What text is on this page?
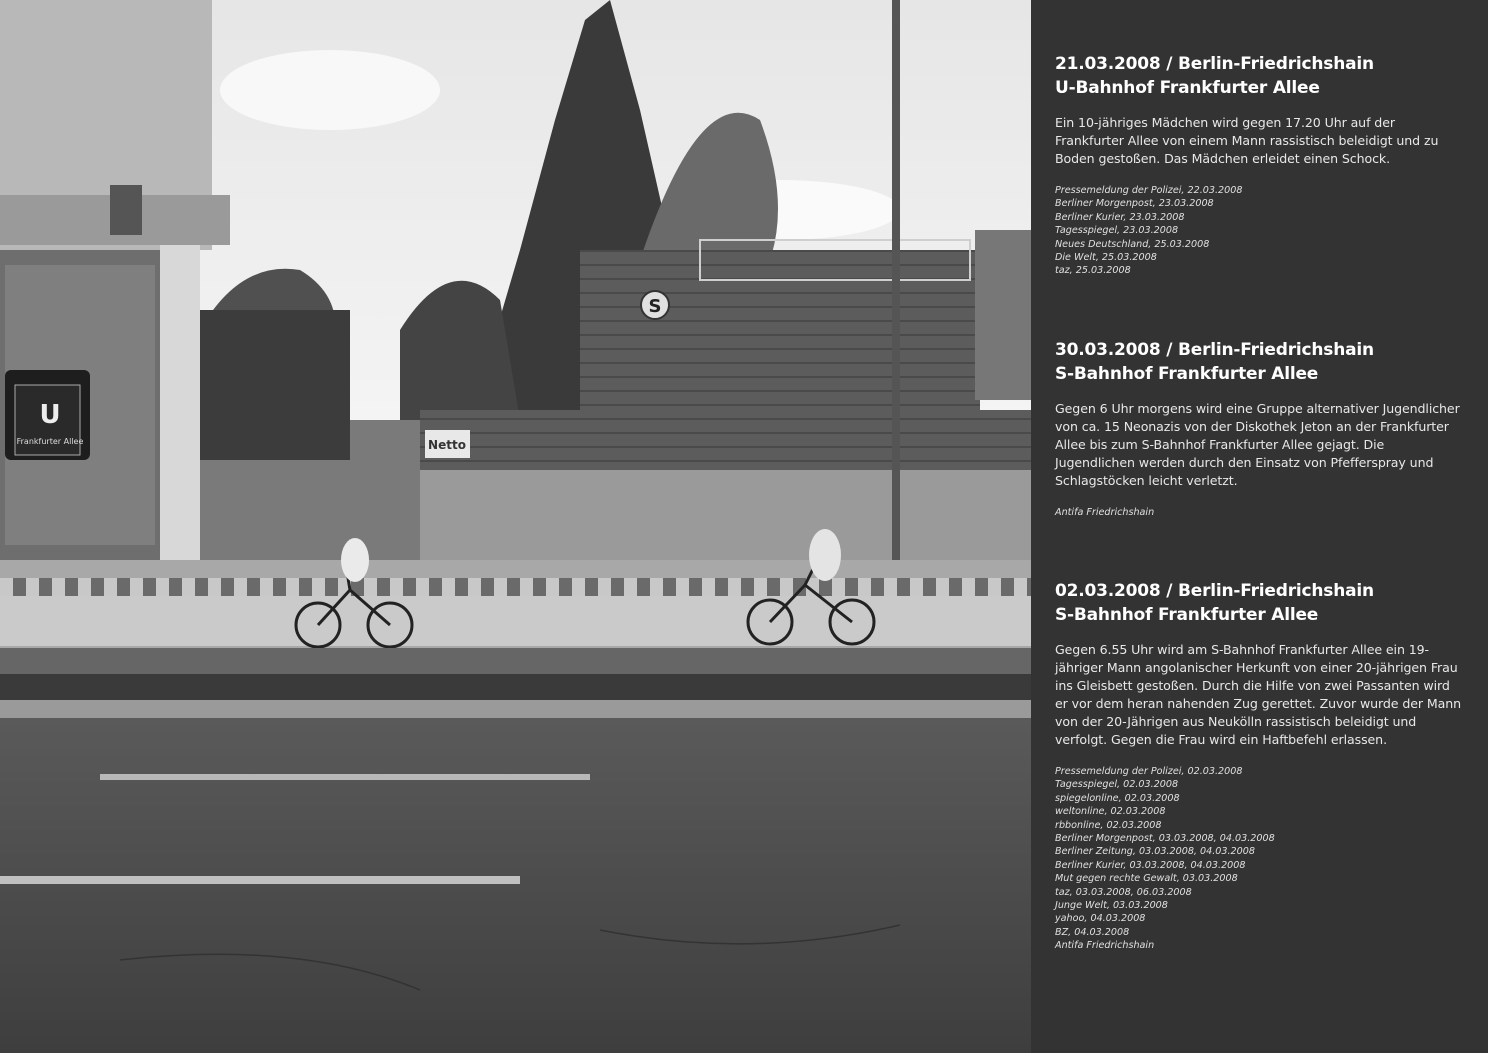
S
Netto
U
Frankfurter Allee
21.03.2008 / Berlin-Friedrichshain
U-Bahnhof Frankfurter Allee

Ein 10-jähriges Mädchen wird gegen 17.20 Uhr auf der Frankfurter Allee von einem Mann rassistisch beleidigt und zu Boden gestoßen. Das Mädchen erleidet einen Schock.

Pressemeldung der Polizei, 22.03.2008
Berliner Morgenpost, 23.03.2008
Berliner Kurier, 23.03.2008
Tagesspiegel, 23.03.2008
Neues Deutschland, 25.03.2008
Die Welt, 25.03.2008
taz, 25.03.2008
30.03.2008 / Berlin-Friedrichshain
S-Bahnhof Frankfurter Allee

Gegen 6 Uhr morgens wird eine Gruppe alternativer Jugendlicher von ca. 15 Neonazis von der Diskothek Jeton an der Frankfurter Allee bis zum S-Bahnhof Frankfurter Allee gejagt. Die Jugendlichen werden durch den Einsatz von Pfefferspray und Schlagstöcken leicht verletzt.

Antifa Friedrichshain
02.03.2008 / Berlin-Friedrichshain
S-Bahnhof Frankfurter Allee

Gegen 6.55 Uhr wird am S-Bahnhof Frankfurter Allee ein 19-jähriger Mann angolanischer Herkunft von einer 20-jährigen Frau ins Gleisbett gestoßen. Durch die Hilfe von zwei Passanten wird er vor dem heran nahenden Zug gerettet. Zuvor wurde der Mann von der 20-Jährigen aus Neukölln rassistisch beleidigt und verfolgt. Gegen die Frau wird ein Haftbefehl erlassen.

Pressemeldung der Polizei, 02.03.2008
Tagesspiegel, 02.03.2008
spiegelonline, 02.03.2008
weltonline, 02.03.2008
rbbonline, 02.03.2008
Berliner Morgenpost, 03.03.2008, 04.03.2008
Berliner Zeitung, 03.03.2008, 04.03.2008
Berliner Kurier, 03.03.2008, 04.03.2008
Mut gegen rechte Gewalt, 03.03.2008
taz, 03.03.2008, 06.03.2008
Junge Welt, 03.03.2008
yahoo, 04.03.2008
BZ, 04.03.2008
Antifa Friedrichshain
